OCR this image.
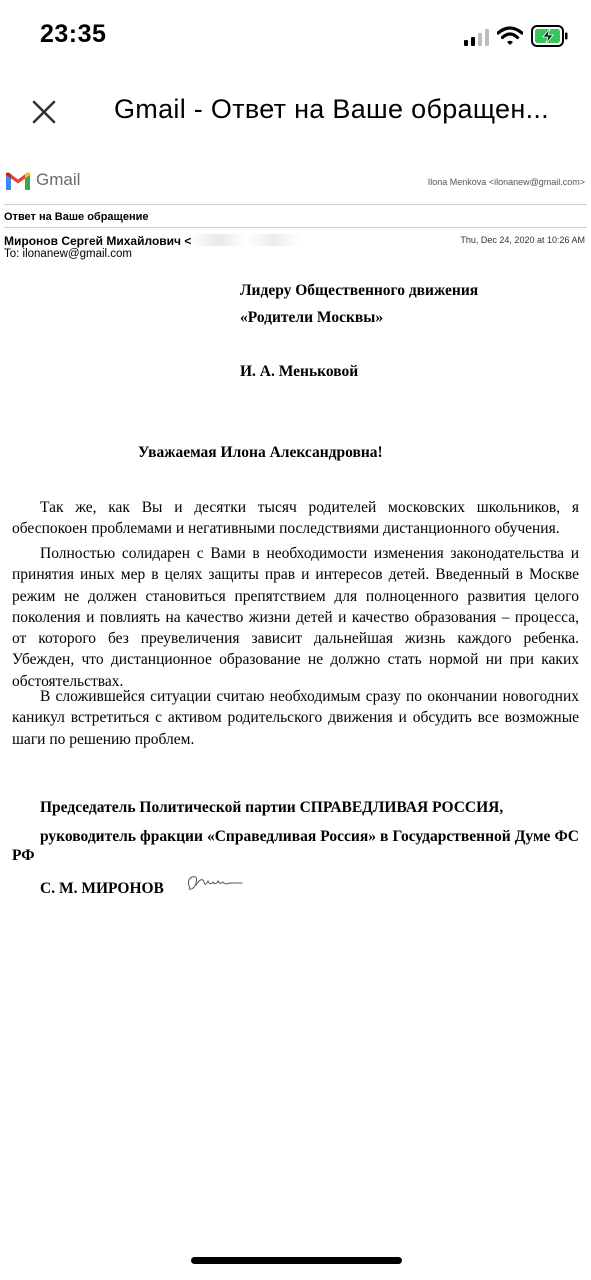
23:35
Gmail - Ответ на Ваше обращен...
Gmail	Ilona Menkova <ilonanew@gmail.com>
Ответ на Ваше обращение
Миронов Сергей Михайлович <	Thu, Dec 24, 2020 at 10:26 AM
To: ilonanew@gmail.com
Лидеру Общественного движения
«Родители Москвы»
И. А. Меньковой
Уважаемая Илона Александровна!
Так же, как Вы и десятки тысяч родителей московских школьников, я обеспокоен проблемами и негативными последствиями дистанционного обучения.
Полностью солидарен с Вами в необходимости изменения законодательства и принятия иных мер в целях защиты прав и интересов детей. Введенный в Москве режим не должен становиться препятствием для полноценного развития целого поколения и повлиять на качество жизни детей и качество образования – процесса, от которого без преувеличения зависит дальнейшая жизнь каждого ребенка. Убежден, что дистанционное образование не должно стать нормой ни при каких обстоятельствах.
В сложившейся ситуации считаю необходимым сразу по окончании новогодних каникул встретиться с активом родительского движения и обсудить все возможные шаги по решению проблем.
Председатель Политической партии СПРАВЕДЛИВАЯ РОССИЯ,
руководитель фракции «Справедливая Россия» в Государственной Думе ФС РФ
С. М. МИРОНОВ
